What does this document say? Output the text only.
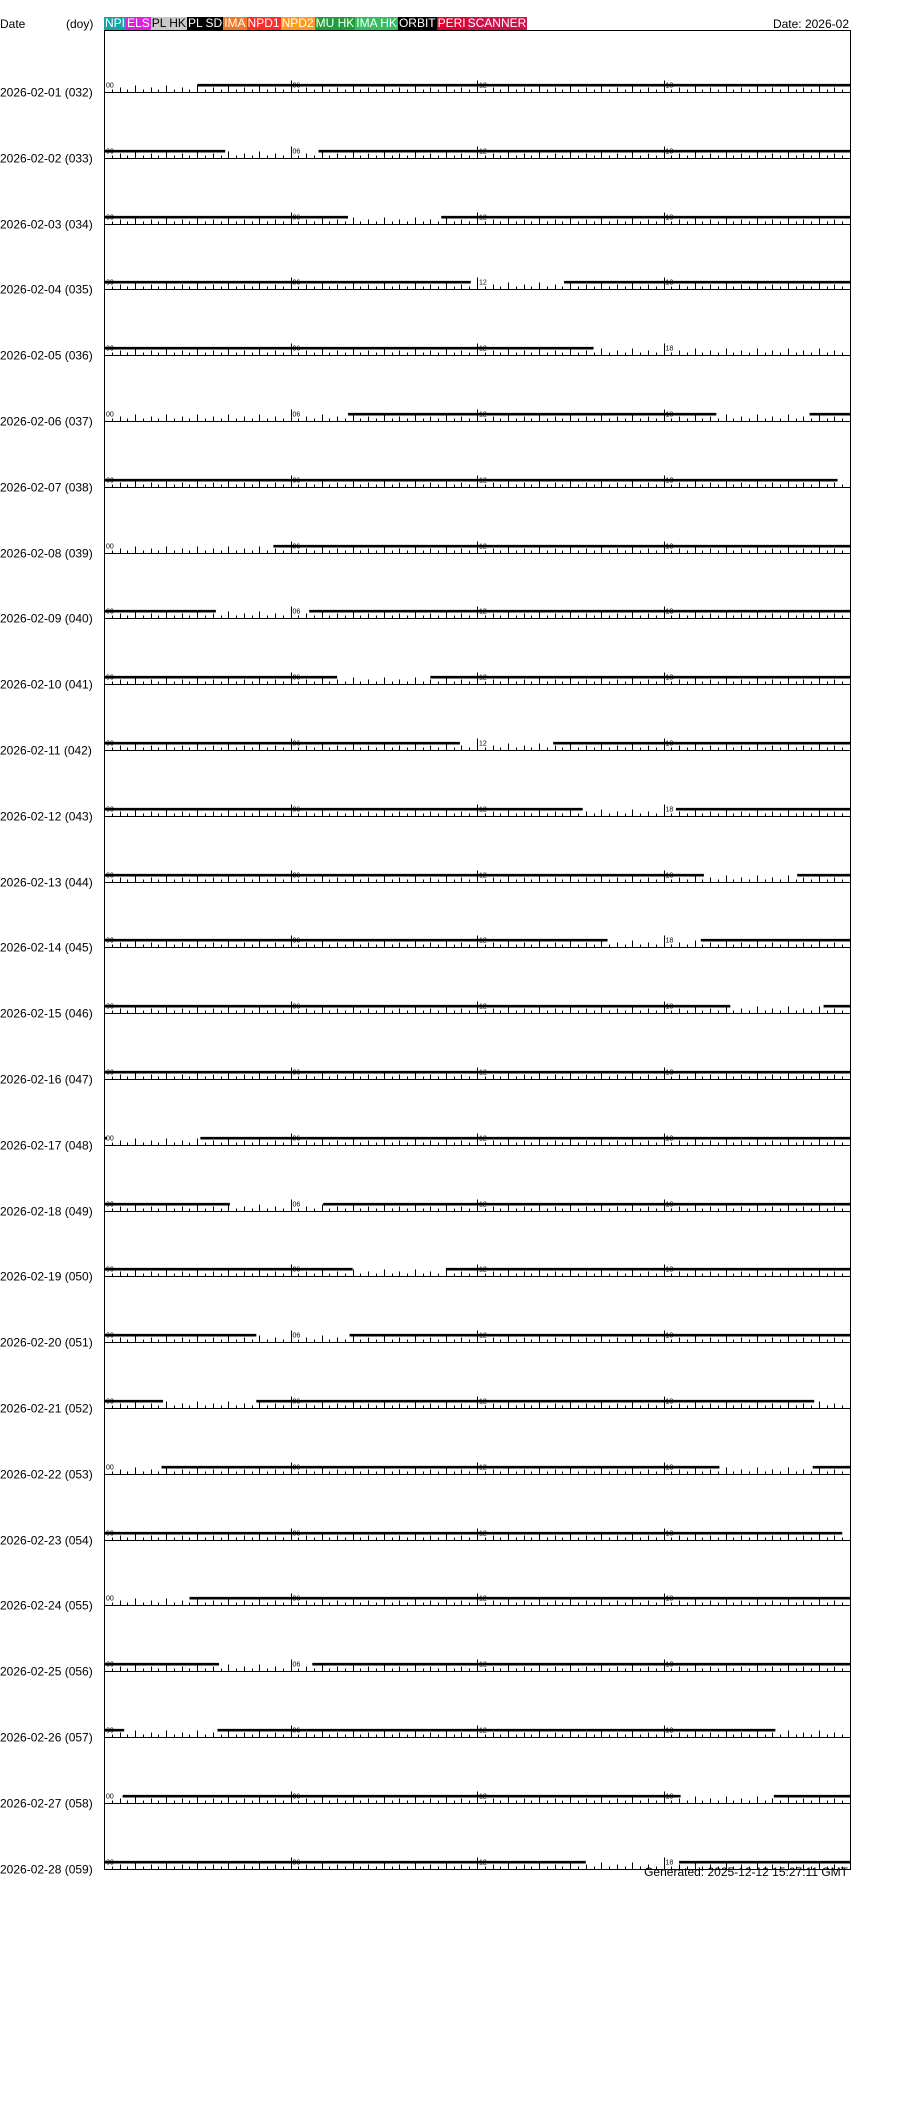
Date	(doy) NPI ELS PL HK PL SD IMA NPD1 NPD2 MU HK IMA HK ORBIT PERI SCANNER	Date: 2026-02
00	06	12	18
2026-02-01 (032)
00	06	12	18
2026-02-02 (033)
00	06	12	18
2026-02-03 (034)
00	06	12	18
2026-02-04 (035)
00	06	12	18
2026-02-05 (036)
00	06	12	18
2026-02-06 (037)
00	06	12	18
2026-02-07 (038)
00	06	12	18
2026-02-08 (039)
00	06	12	18
2026-02-09 (040)
00	06	12	18
2026-02-10 (041)
00	06	12	18
2026-02-11 (042)
00	06	12	18
2026-02-12 (043)
00	06	12	18
2026-02-13 (044)
00	06	12	18
2026-02-14 (045)
00	06	12	18
2026-02-15 (046)
00	06	12	18
2026-02-16 (047)
00	06	12	18
2026-02-17 (048)
00	06	12	18
2026-02-18 (049)
00	06	12	18
2026-02-19 (050)
00	06	12	18
2026-02-20 (051)
00	06	12	18
2026-02-21 (052)
00	06	12	18
2026-02-22 (053)
00	06	12	18
2026-02-23 (054)
00	06	12	18
2026-02-24 (055)
00	06	12	18
2026-02-25 (056)
00	06	12	18
2026-02-26 (057)
00	06	12	18
2026-02-27 (058)
00	06	12	18
2026-02-28 (059)	Generated: 2025-12-12 15:27:11 GMT
